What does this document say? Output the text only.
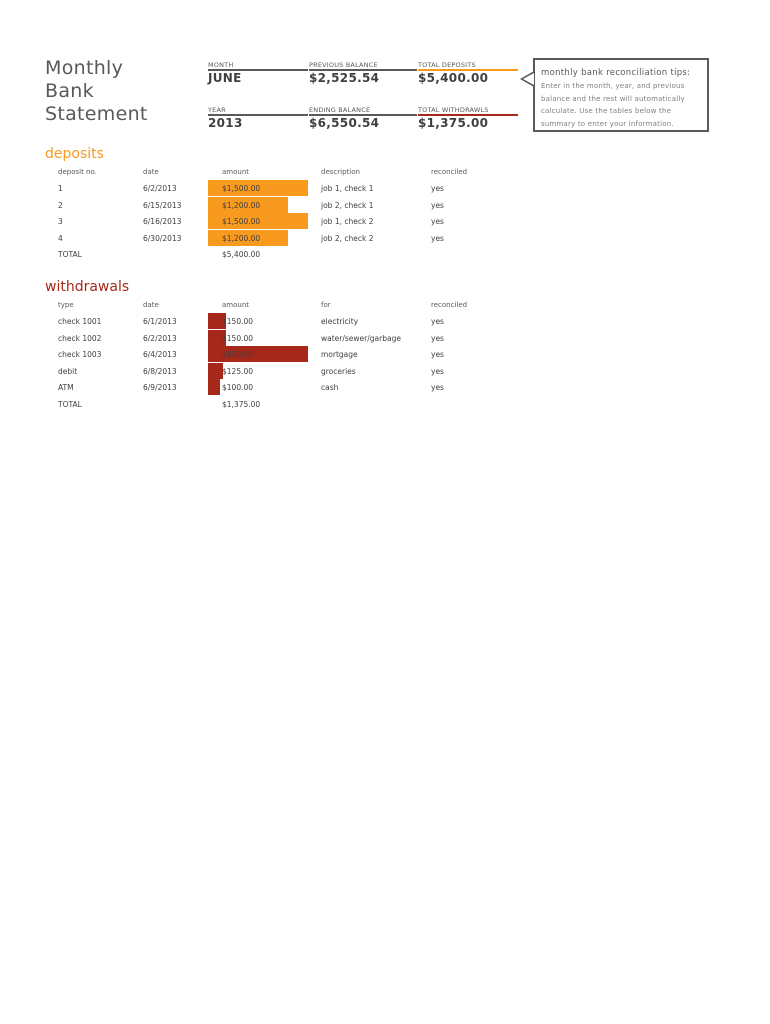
Monthly
Bank
Statement
MONTH
JUNE
PREVIOUS BALANCE
$2,525.54
TOTAL DEPOSITS
$5,400.00
YEAR
2013
ENDING BALANCE
$6,550.54
TOTAL WITHDRAWLS
$1,375.00
monthly bank reconciliation tips:
Enter in the month, year, and previous balance and the rest will automatically calculate. Use the tables below the summary to enter your information.
deposits
deposit no.	date	amount	description	reconciled
1	6/2/2013	$1,500.00	job 1, check 1	yes
2	6/15/2013	$1,200.00	job 2, check 1	yes
3	6/16/2013	$1,500.00	job 1, check 2	yes
4	6/30/2013	$1,200.00	job 2, check 2	yes
TOTAL	$5,400.00
withdrawals
type	date	amount	for	reconciled
check 1001	6/1/2013	$150.00	electricity	yes
check 1002	6/2/2013	$150.00	water/sewer/garbage	yes
check 1003	6/4/2013	$850.00	mortgage	yes
debit	6/8/2013	$125.00	groceries	yes
ATM	6/9/2013	$100.00	cash	yes
TOTAL	$1,375.00
